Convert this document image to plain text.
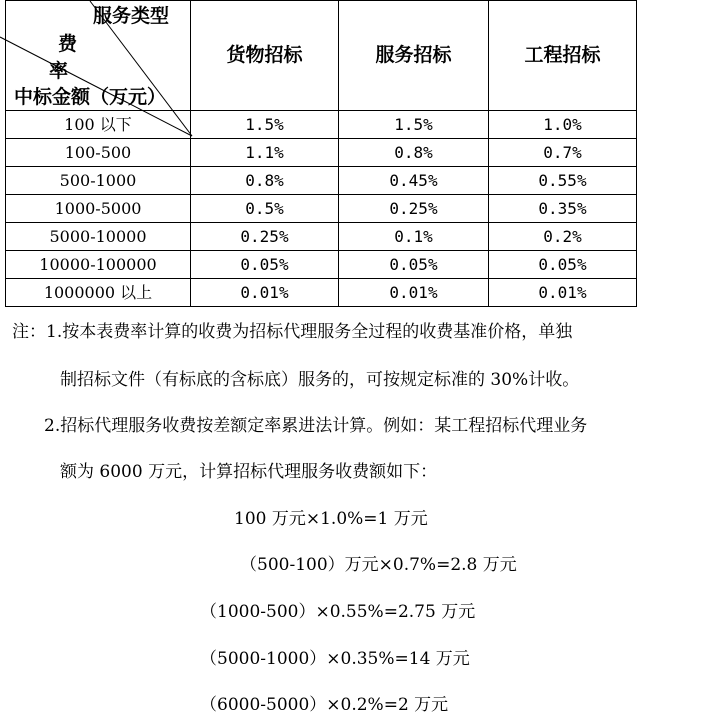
服务类型
费
率
中标金额（万元）	货物招标	服务招标	工程招标
100 以下	1.5%	1.5%	1.0%
100-500	1.1%	0.8%	0.7%
500-1000	0.8%	0.45%	0.55%
1000-5000	0.5%	0.25%	0.35%
5000-10000	0.25%	0.1%	0.2%
10000-100000	0.05%	0.05%	0.05%
1000000 以上	0.01%	0.01%	0.01%
注：1.按本表费率计算的收费为招标代理服务全过程的收费基准价格，单独
制招标文件（有标底的含标底）服务的，可按规定标准的 30%计收。
2.招标代理服务收费按差额定率累进法计算。例如：某工程招标代理业务
额为 6000 万元，计算招标代理服务收费额如下：
100 万元×1.0%=1 万元
（500-100）万元×0.7%=2.8 万元
（1000-500）×0.55%=2.75 万元
（5000-1000）×0.35%=14 万元
（6000-5000）×0.2%=2 万元
